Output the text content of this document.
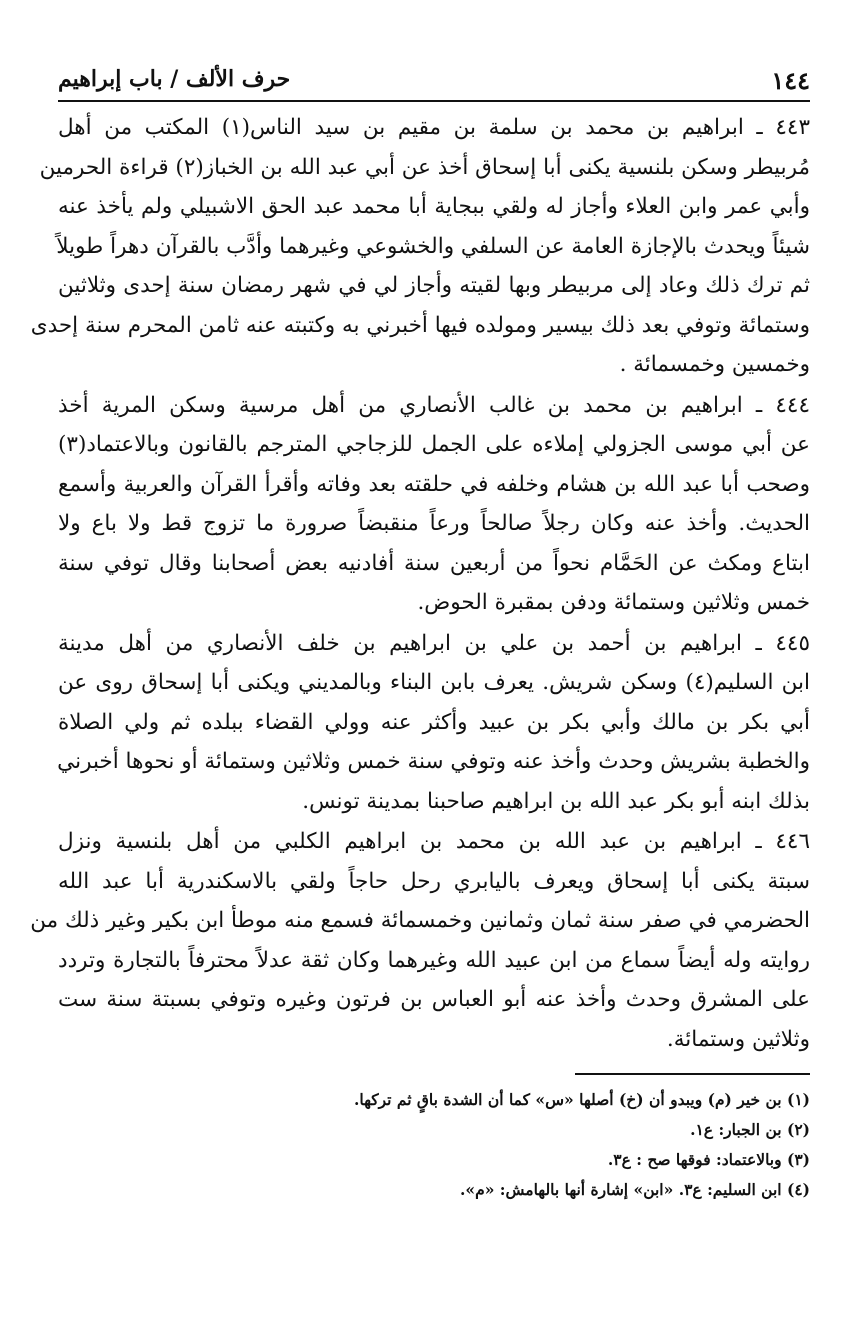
١٤٤
حرف الألف / باب إبراهيم
٤٤٣ ـ ابراهيم بن محمد بن سلمة بن مقيم بن سيد الناس(١) المكتب من أهل
مُربيطر وسكن بلنسية يكنى أبا إسحاق أخذ عن أبي عبد الله بن الخباز(٢) قراءة الحرمين
وأبي عمر وابن العلاء وأجاز له ولقي ببجاية أبا محمد عبد الحق الاشبيلي ولم يأخذ عنه
شيئاً ويحدث بالإجازة العامة عن السلفي والخشوعي وغيرهما وأدَّب بالقرآن دهراً طويلاً
ثم ترك ذلك وعاد إلى مربيطر وبها لقيته وأجاز لي في شهر رمضان سنة إحدى وثلاثين
وستمائة وتوفي بعد ذلك بيسير ومولده فيها أخبرني به وكتبته عنه ثامن المحرم سنة إحدى
وخمسين وخمسمائة .
٤٤٤ ـ ابراهيم بن محمد بن غالب الأنصاري من أهل مرسية وسكن المرية أخذ
عن أبي موسى الجزولي إملاءه على الجمل للزجاجي المترجم بالقانون وبالاعتماد(٣)
وصحب أبا عبد الله بن هشام وخلفه في حلقته بعد وفاته وأقرأ القرآن والعربية وأسمع
الحديث. وأخذ عنه وكان رجلاً صالحاً ورعاً منقبضاً صرورة ما تزوج قط ولا باع ولا
ابتاع ومكث عن الحَمَّام نحواً من أربعين سنة أفادنيه بعض أصحابنا وقال توفي سنة
خمس وثلاثين وستمائة ودفن بمقبرة الحوض.
٤٤٥ ـ ابراهيم بن أحمد بن علي بن ابراهيم بن خلف الأنصاري من أهل مدينة
ابن السليم(٤) وسكن شريش. يعرف بابن البناء وبالمديني ويكنى أبا إسحاق روى عن
أبي بكر بن مالك وأبي بكر بن عبيد وأكثر عنه وولي القضاء ببلده ثم ولي الصلاة
والخطبة بشريش وحدث وأخذ عنه وتوفي سنة خمس وثلاثين وستمائة أو نحوها أخبرني
بذلك ابنه أبو بكر عبد الله بن ابراهيم صاحبنا بمدينة تونس.
٤٤٦ ـ ابراهيم بن عبد الله بن محمد بن ابراهيم الكلبي من أهل بلنسية ونزل
سبتة يكنى أبا إسحاق ويعرف باليابري رحل حاجاً ولقي بالاسكندرية أبا عبد الله
الحضرمي في صفر سنة ثمان وثمانين وخمسمائة فسمع منه موطأ ابن بكير وغير ذلك من
روايته وله أيضاً سماع من ابن عبيد الله وغيرهما وكان ثقة عدلاً محترفاً بالتجارة وتردد
على المشرق وحدث وأخذ عنه أبو العباس بن فرتون وغيره وتوفي بسبتة سنة ست
وثلاثين وستمائة.
(١) بن خير (م) ويبدو أن (خ) أصلها «س» كما أن الشدة باقٍ ثم تركها.
(٢) بن الجبار: ع١.
(٣) وبالاعتماد: فوقها صح : ع٣.
(٤) ابن السليم: ع٣. «ابن» إشارة أنها بالهامش: «م».
